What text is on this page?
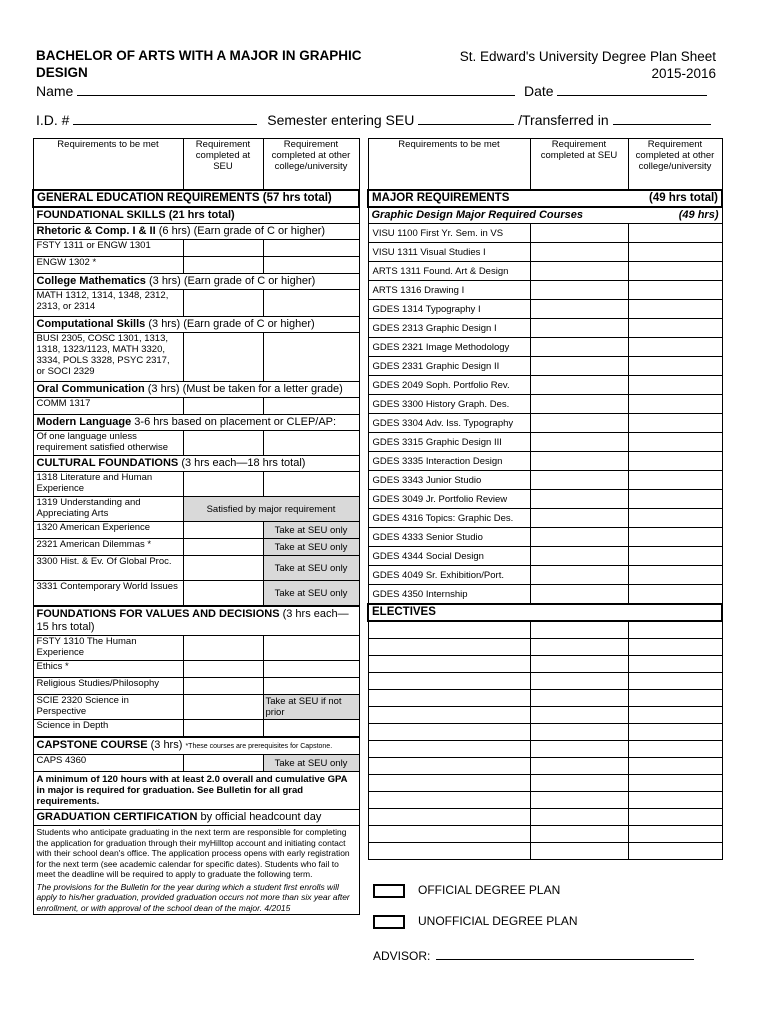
BACHELOR OF ARTS WITH A MAJOR IN GRAPHIC DESIGN
St. Edward's University Degree Plan Sheet
2015-2016
Name	Date
I.D. #	Semester entering SEU	/Transferred in
Requirements to be met	Requirement completed at SEU	Requirement completed at other college/university
GENERAL EDUCATION REQUIREMENTS (57 hrs total)		
FOUNDATIONAL SKILLS (21 hrs total)		
Rhetoric & Comp. I & II (6 hrs) (Earn grade of C or higher)		
FSTY 1311 or ENGW 1301		
ENGW 1302 *		
College Mathematics (3 hrs) (Earn grade of C or higher)		
MATH 1312, 1314, 1348, 2312, 2313, or 2314		
Computational Skills (3 hrs) (Earn grade of C or higher)		
BUSI 2305, COSC 1301, 1313, 1318, 1323/1123, MATH 3320, 3334, POLS 3328, PSYC 2317, or SOCI 2329		
Oral Communication (3 hrs) (Must be taken for a letter grade)		
COMM 1317		
Modern Language 3-6 hrs based on placement or CLEP/AP:		
Of one language unless requirement satisfied otherwise		
CULTURAL FOUNDATIONS (3 hrs each—18 hrs total)		
1318 Literature and Human Experience		
1319 Understanding and Appreciating Arts	Satisfied by major requirement	
1320 American Experience		Take at SEU only
2321 American Dilemmas *		Take at SEU only
3300 Hist. & Ev. Of Global Proc.		Take at SEU only
3331 Contemporary World Issues		Take at SEU only
FOUNDATIONS FOR VALUES AND DECISIONS (3 hrs each—15 hrs total)		
FSTY 1310 The Human Experience		
Ethics *		
Religious Studies/Philosophy		
SCIE 2320 Science in Perspective		Take at SEU if not prior
Science in Depth		
CAPSTONE COURSE (3 hrs) *These courses are prerequisites for Capstone.		
CAPS 4360		Take at SEU only
A minimum of 120 hours with at least 2.0 overall and cumulative GPA in major is required for graduation. See Bulletin for all grad requirements.		
GRADUATION CERTIFICATION by official headcount day		
Students who anticipate graduating in the next term are responsible for completing the application for graduation through their myHilltop account and initiating contact with their school dean's office. The application process opens with early registration for the next term (see academic calendar for specific dates). Students who fail to meet the deadline will be required to apply to graduate the following term.		
The provisions for the Bulletin for the year during which a student first enrolls will apply to his/her graduation, provided graduation occurs not more than six year after enrollment, or with approval of the school dean of the major. 4/2015		
Requirements to be met	Requirement completed at SEU	Requirement completed at other college/university
MAJOR REQUIREMENTS		(49 hrs total)
Graphic Design Major Required Courses		(49 hrs)
VISU 1100 First Yr. Sem. in VS		
VISU 1311 Visual Studies I		
ARTS 1311 Found. Art & Design		
ARTS 1316 Drawing I		
GDES 1314 Typography I		
GDES 2313 Graphic Design I		
GDES 2321 Image Methodology		
GDES 2331 Graphic Design II		
GDES 2049 Soph. Portfolio Rev.		
GDES 3300 History Graph. Des.		
GDES 3304 Adv. Iss. Typography		
GDES 3315 Graphic Design III		
GDES 3335 Interaction Design		
GDES 3343 Junior Studio		
GDES 3049 Jr. Portfolio Review		
GDES 4316 Topics: Graphic Des.		
GDES 4333 Senior Studio		
GDES 4344 Social Design		
GDES 4049 Sr. Exhibition/Port.		
GDES 4350 Internship		
ELECTIVES		

OFFICIAL DEGREE PLAN
UNOFFICIAL DEGREE PLAN
ADVISOR:
